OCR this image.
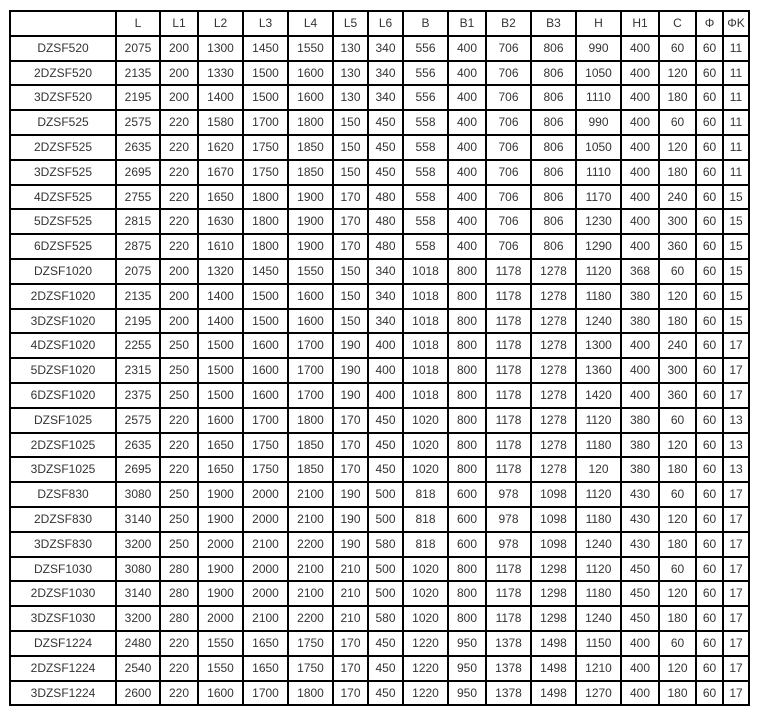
	L	L1	L2	L3	L4	L5	L6	B	B1	B2	B3	H	H1	C	Φ	ΦK
DZSF520	2075	200	1300	1450	1550	130	340	556	400	706	806	990	400	60	60	11
2DZSF520	2135	200	1330	1500	1600	130	340	556	400	706	806	1050	400	120	60	11
3DZSF520	2195	200	1400	1500	1600	130	340	556	400	706	806	1110	400	180	60	11
DZSF525	2575	220	1580	1700	1800	150	450	558	400	706	806	990	400	60	60	11
2DZSF525	2635	220	1620	1750	1850	150	450	558	400	706	806	1050	400	120	60	11
3DZSF525	2695	220	1670	1750	1850	150	450	558	400	706	806	1110	400	180	60	11
4DZSF525	2755	220	1650	1800	1900	170	480	558	400	706	806	1170	400	240	60	15
5DZSF525	2815	220	1630	1800	1900	170	480	558	400	706	806	1230	400	300	60	15
6DZSF525	2875	220	1610	1800	1900	170	480	558	400	706	806	1290	400	360	60	15
DZSF1020	2075	200	1320	1450	1550	150	340	1018	800	1178	1278	1120	368	60	60	15
2DZSF1020	2135	200	1400	1500	1600	150	340	1018	800	1178	1278	1180	380	120	60	15
3DZSF1020	2195	200	1400	1500	1600	150	340	1018	800	1178	1278	1240	380	180	60	15
4DZSF1020	2255	250	1500	1600	1700	190	400	1018	800	1178	1278	1300	400	240	60	17
5DZSF1020	2315	250	1500	1600	1700	190	400	1018	800	1178	1278	1360	400	300	60	17
6DZSF1020	2375	250	1500	1600	1700	190	400	1018	800	1178	1278	1420	400	360	60	17
DZSF1025	2575	220	1600	1700	1800	170	450	1020	800	1178	1278	1120	380	60	60	13
2DZSF1025	2635	220	1650	1750	1850	170	450	1020	800	1178	1278	1180	380	120	60	13
3DZSF1025	2695	220	1650	1750	1850	170	450	1020	800	1178	1278	120	380	180	60	13
DZSF830	3080	250	1900	2000	2100	190	500	818	600	978	1098	1120	430	60	60	17
2DZSF830	3140	250	1900	2000	2100	190	500	818	600	978	1098	1180	430	120	60	17
3DZSF830	3200	250	2000	2100	2200	190	580	818	600	978	1098	1240	430	180	60	17
DZSF1030	3080	280	1900	2000	2100	210	500	1020	800	1178	1298	1120	450	60	60	17
2DZSF1030	3140	280	1900	2000	2100	210	500	1020	800	1178	1298	1180	450	120	60	17
3DZSF1030	3200	280	2000	2100	2200	210	580	1020	800	1178	1298	1240	450	180	60	17
DZSF1224	2480	220	1550	1650	1750	170	450	1220	950	1378	1498	1150	400	60	60	17
2DZSF1224	2540	220	1550	1650	1750	170	450	1220	950	1378	1498	1210	400	120	60	17
3DZSF1224	2600	220	1600	1700	1800	170	450	1220	950	1378	1498	1270	400	180	60	17
